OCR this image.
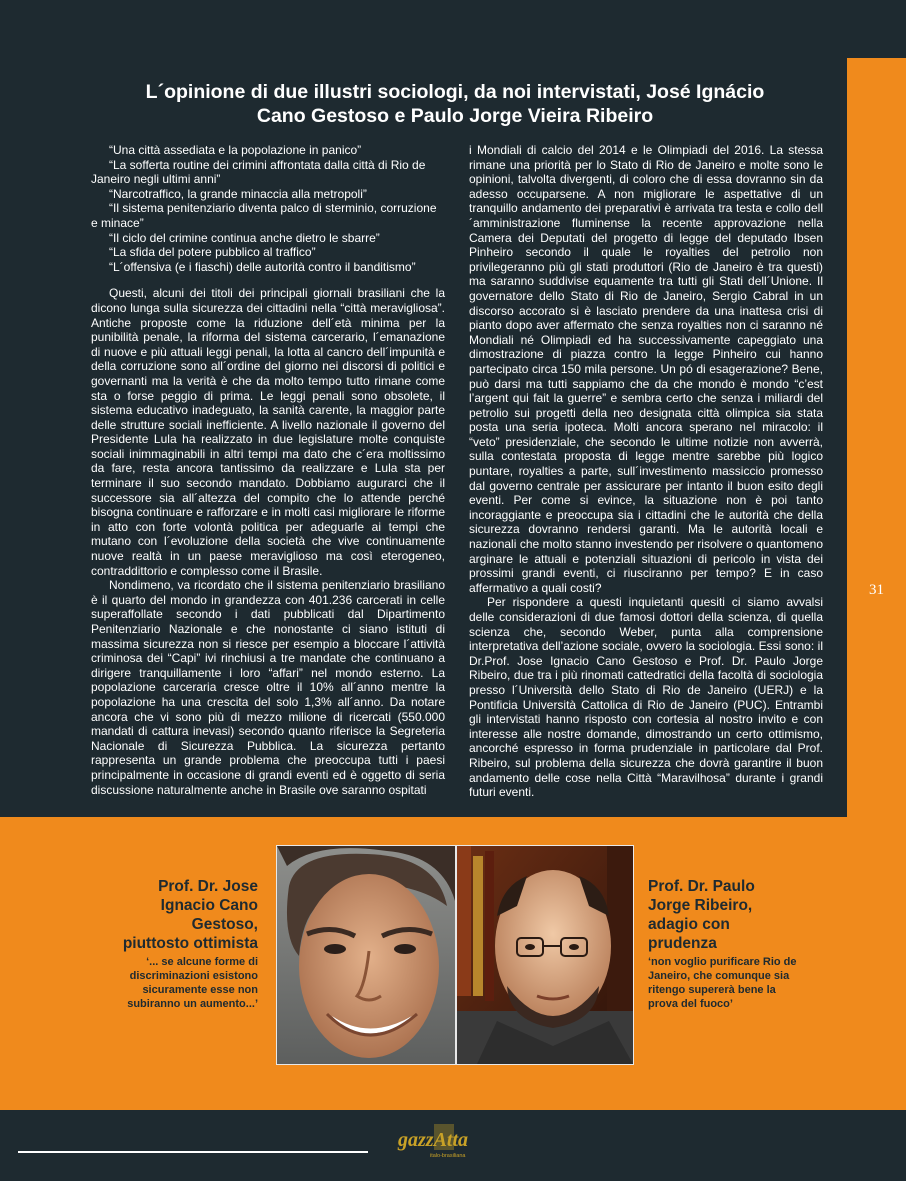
31
L´opinione di due illustri sociologi, da noi intervistati, José Ignácio
Cano Gestoso e Paulo Jorge Vieira Ribeiro

“Una città assediata e la popolazione in panico”

“La sofferta routine dei crimini affrontata dalla città di Rio de Janeiro negli ultimi anni”

“Narcotraffico, la grande minaccia alla metropoli”

“Il sistema penitenziario diventa palco di sterminio, corruzione e minace”

“Il ciclo del crimine continua anche dietro le sbarre”

“La sfida del potere pubblico al traffico”

“L´offensiva (e i fiaschi) delle autorità contro il banditismo”

Questi, alcuni dei titoli dei principali giornali brasiliani che la dicono lunga sulla sicurezza dei cittadini nella “città meravigliosa”. Antiche proposte come la riduzione dell´età minima per la punibilità penale, la riforma del sistema carcerario, l´emanazione di nuove e più attuali leggi penali, la lotta al cancro dell´impunità e della corruzione sono all´ordine del giorno nei discorsi di politici e governanti ma la verità è che da molto tempo tutto rimane come sta o forse peggio di prima. Le leggi penali sono obsolete, il sistema educativo inadeguato, la sanità carente, la maggior parte delle strutture sociali inefficiente. A livello nazionale il governo del Presidente Lula ha realizzato in due legislature molte conquiste sociali inimmaginabili in altri tempi ma dato che c´era moltissimo da fare, resta ancora tantissimo da realizzare e Lula sta per terminare il suo secondo mandato. Dobbiamo augurarci che il successore sia all´altezza del compito che lo attende perché bisogna continuare e rafforzare e in molti casi migliorare le riforme in atto con forte volontà politica per adeguarle ai tempi che mutano con l´evoluzione della società che vive continuamente nuove realtà in un paese meraviglioso ma così eterogeneo, contraddittorio e complesso come il Brasile.

Nondimeno, va ricordato che il sistema penitenziario brasiliano è il quarto del mondo in grandezza con 401.236 carcerati in celle superaffollate secondo i dati pubblicati dal Dipartimento Penitenziario Nazionale e che nonostante ci siano istituti di massima sicurezza non si riesce per esempio a bloccare l´attività criminosa dei “Capi” ivi rinchiusi a tre mandate che continuano a dirigere tranquillamente i loro “affari” nel mondo esterno. La popolazione carceraria cresce oltre il 10% all´anno mentre la popolazione ha una crescita del solo 1,3% all´anno. Da notare ancora che vi sono più di mezzo milione di ricercati (550.000 mandati di cattura inevasi) secondo quanto riferisce la Segreteria Nacionale di Sicurezza Pubblica. La sicurezza pertanto rappresenta un grande problema che preoccupa tutti i paesi principalmente in occasione di grandi eventi ed è oggetto di seria discussione naturalmente anche in Brasile ove saranno ospitati

i Mondiali di calcio del 2014 e le Olimpiadi del 2016. La stessa rimane una priorità per lo Stato di Rio de Janeiro e molte sono le opinioni, talvolta divergenti, di coloro che di essa dovranno sin da adesso occuparsene. A non migliorare le aspettative di un tranquillo andamento dei preparativi è arrivata tra testa e collo dell´amministrazione fluminense la recente approvazione nella Camera dei Deputati del progetto di legge del deputado Ibsen Pinheiro secondo il quale le royalties del petrolio non privilegeranno più gli stati produttori (Rio de Janeiro è tra questi) ma saranno suddivise equamente tra tutti gli Stati dell´Unione. Il governatore dello Stato di Rio de Janeiro, Sergio Cabral in un discorso accorato si è lasciato prendere da una inattesa crisi di pianto dopo aver affermato che senza royalties non ci saranno né Mondiali né Olimpiadi ed ha successivamente capeggiato una dimostrazione di piazza contro la legge Pinheiro cui hanno partecipato circa 150 mila persone. Un pó di esagerazione? Bene, può darsi ma tutti sappiamo che da che mondo è mondo “c’est l’argent qui fait la guerre” e sembra certo che senza i miliardi del petrolio sui progetti della neo designata città olimpica sia stata posta una seria ipoteca. Molti ancora sperano nel miracolo: il “veto” presidenziale, che secondo le ultime notizie non avverrà, sulla contestata proposta di legge mentre sarebbe più logico puntare, royalties a parte, sull´investimento massiccio promesso dal governo centrale per assicurare per intanto il buon esito degli eventi. Per come si evince, la situazione non è poi tanto incoraggiante e preoccupa sia i cittadini che le autorità che della sicurezza dovranno rendersi garanti. Ma le autorità locali e nazionali che molto stanno investendo per risolvere o quantomeno arginare le attuali e potenziali situazioni di pericolo in vista dei prossimi grandi eventi, ci riusciranno per tempo? E in caso affermativo a quali costi?

Per rispondere a questi inquietanti quesiti ci siamo avvalsi delle considerazioni di due famosi dottori della scienza, di quella scienza che, secondo Weber, punta alla comprensione interpretativa dell’azione sociale, ovvero la sociologia. Essi sono: il Dr.Prof. Jose Ignacio Cano Gestoso e Prof. Dr. Paulo Jorge Ribeiro, due tra i più rinomati cattedratici della facoltà di sociologia presso l´Università dello Stato di Rio de Janeiro (UERJ) e la Pontificia Università Cattolica di Rio de Janeiro (PUC). Entrambi gli intervistati hanno risposto con cortesia al nostro invito e con interesse alle nostre domande, dimostrando un certo ottimismo, ancorché espresso in forma prudenziale in particolare dal Prof. Ribeiro, sul problema della sicurezza che dovrà garantire il buon andamento delle cose nella Città “Maravilhosa” durante i grandi futuri eventi.

Prof. Dr. Jose Ignacio Cano Gestoso,
piuttosto ottimista
‘... se alcune forme di discriminazioni esistono sicuramente esse non subiranno un aumento...’
Prof. Dr. Paulo Jorge Ribeiro,
adagio con prudenza
‘non voglio purificare Rio de Janeiro, che comunque sia ritengo supererà bene la prova del fuoco’
gazzAtta
italo-brasiliana
